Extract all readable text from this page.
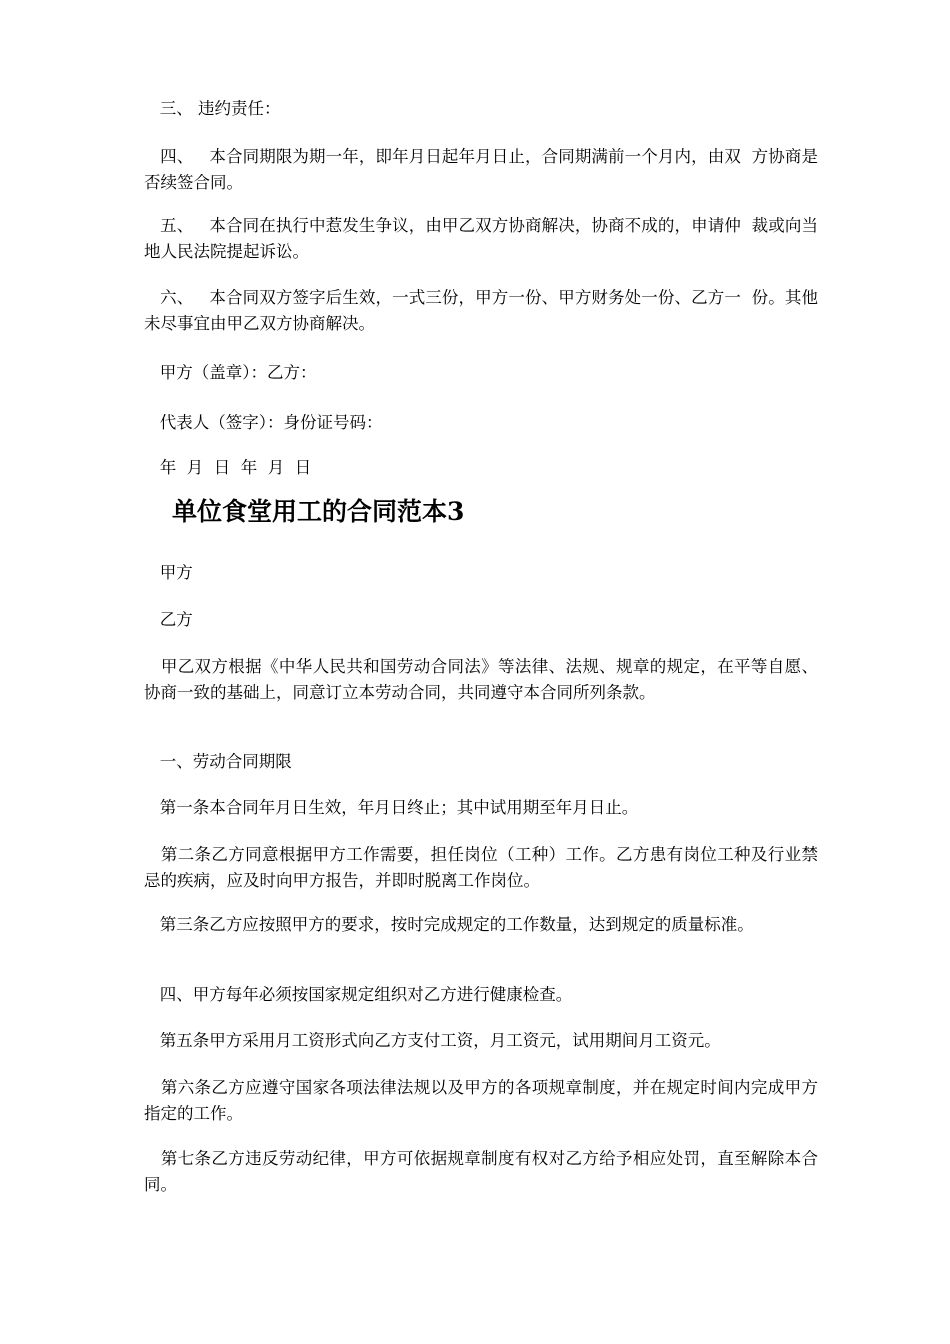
三、 违约责任：

四、   本合同期限为期一年，即年月日起年月日止，合同期满前一个月内，由双  方协商是否续签合同。

五、   本合同在执行中惹发生争议，由甲乙双方协商解决，协商不成的，申请仲  裁或向当地人民法院提起诉讼。

六、   本合同双方签字后生效，一式三份，甲方一份、甲方财务处一份、乙方一  份。其他未尽事宜由甲乙双方协商解决。

甲方（盖章）：乙方：

代表人（签字）：身份证号码：

年  月  日  年  月  日

单位食堂用工的合同范本3

甲方

乙方

甲乙双方根据《中华人民共和国劳动合同法》等法律、法规、规章的规定，在平等自愿、协商一致的基础上，同意订立本劳动合同，共同遵守本合同所列条款。

一、劳动合同期限

第一条本合同年月日生效，年月日终止；其中试用期至年月日止。

第二条乙方同意根据甲方工作需要，担任岗位（工种）工作。乙方患有岗位工种及行业禁忌的疾病，应及时向甲方报告，并即时脱离工作岗位。

第三条乙方应按照甲方的要求，按时完成规定的工作数量，达到规定的质量标准。

四、甲方每年必须按国家规定组织对乙方进行健康检查。

第五条甲方采用月工资形式向乙方支付工资，月工资元，试用期间月工资元。

第六条乙方应遵守国家各项法律法规以及甲方的各项规章制度，并在规定时间内完成甲方指定的工作。

第七条乙方违反劳动纪律，甲方可依据规章制度有权对乙方给予相应处罚，直至解除本合同。
